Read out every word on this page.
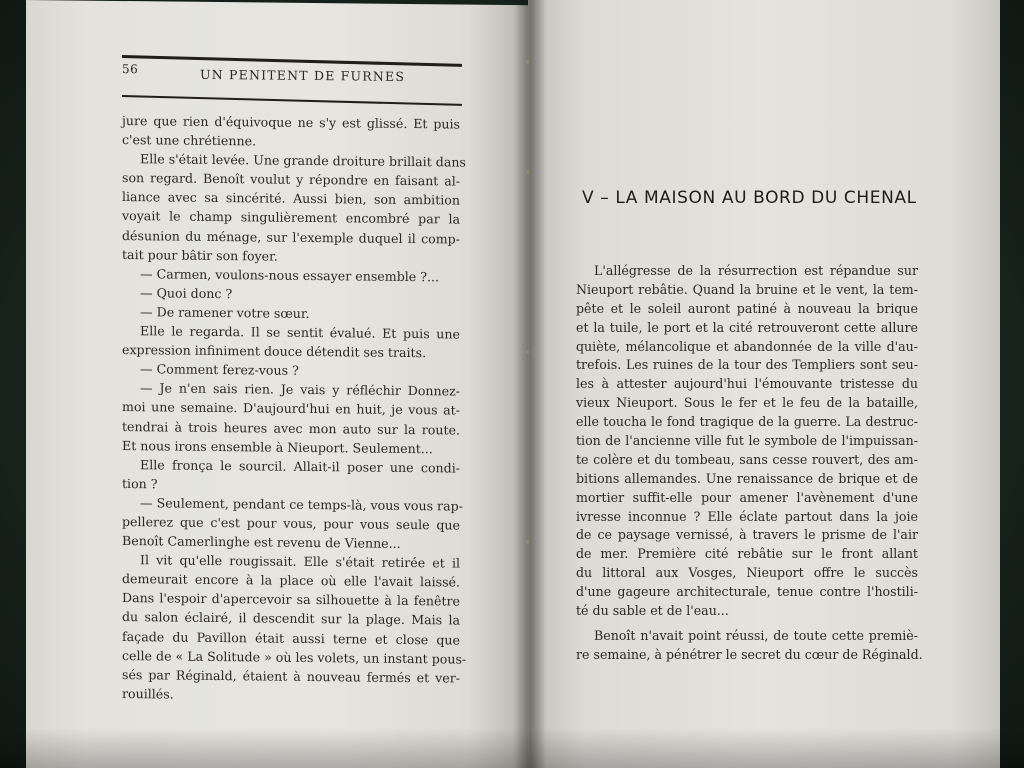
56	UN PENITENT DE FURNES
jure que rien d'équivoque ne s'y est glissé. Et puis
c'est une chrétienne.
Elle s'était levée. Une grande droiture brillait dans
son regard. Benoît voulut y répondre en faisant al-
liance avec sa sincérité. Aussi bien, son ambition
voyait le champ singulièrement encombré par la
désunion du ménage, sur l'exemple duquel il comp-
tait pour bâtir son foyer.
— Carmen, voulons-nous essayer ensemble ?...
— Quoi donc ?
— De ramener votre sœur.
Elle le regarda. Il se sentit évalué. Et puis une
expression infiniment douce détendit ses traits.
— Comment ferez-vous ?
— Je n'en sais rien. Je vais y réfléchir Donnez-
moi une semaine. D'aujourd'hui en huit, je vous at-
tendrai à trois heures avec mon auto sur la route.
Et nous irons ensemble à Nieuport. Seulement...
Elle fronça le sourcil. Allait-il poser une condi-
tion ?
— Seulement, pendant ce temps-là, vous vous rap-
pellerez que c'est pour vous, pour vous seule que
Benoît Camerlinghe est revenu de Vienne...
Il vit qu'elle rougissait. Elle s'était retirée et il
demeurait encore à la place où elle l'avait laissé.
Dans l'espoir d'apercevoir sa silhouette à la fenêtre
du salon éclairé, il descendit sur la plage. Mais la
façade du Pavillon était aussi terne et close que
celle de « La Solitude » où les volets, un instant pous-
sés par Réginald, étaient à nouveau fermés et ver-
rouillés.
V – LA MAISON AU BORD DU CHENAL
L'allégresse de la résurrection est répandue sur
Nieuport rebâtie. Quand la bruine et le vent, la tem-
pête et le soleil auront patiné à nouveau la brique
et la tuile, le port et la cité retrouveront cette allure
quiète, mélancolique et abandonnée de la ville d'au-
trefois. Les ruines de la tour des Templiers sont seu-
les à attester aujourd'hui l'émouvante tristesse du
vieux Nieuport. Sous le fer et le feu de la bataille,
elle toucha le fond tragique de la guerre. La destruc-
tion de l'ancienne ville fut le symbole de l'impuissan-
te colère et du tombeau, sans cesse rouvert, des am-
bitions allemandes. Une renaissance de brique et de
mortier suffit-elle pour amener l'avènement d'une
ivresse inconnue ? Elle éclate partout dans la joie
de ce paysage vernissé, à travers le prisme de l'air
de mer. Première cité rebâtie sur le front allant
du littoral aux Vosges, Nieuport offre le succès
d'une gageure architecturale, tenue contre l'hostili-
té du sable et de l'eau...
Benoît n'avait point réussi, de toute cette premiè-
re semaine, à pénétrer le secret du cœur de Réginald.
